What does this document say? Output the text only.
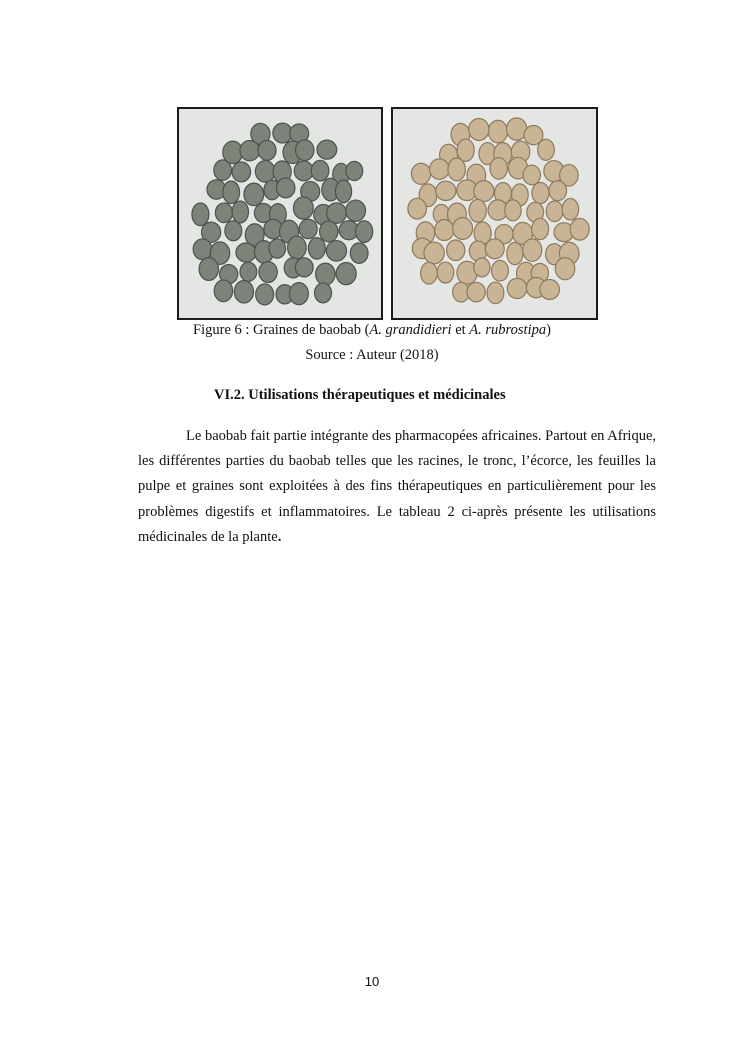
Figure 6 : Graines de baobab (A. grandidieri et A. rubrostipa)
Source : Auteur (2018)
VI.2. Utilisations thérapeutiques et médicinales

Le baobab fait partie intégrante des pharmacopées africaines. Partout en Afrique, les différentes parties du baobab telles que les racines, le tronc, l’écorce, les feuilles la pulpe et graines sont exploitées à des fins thérapeutiques en particulièrement pour les problèmes digestifs et inflammatoires. Le tableau 2 ci-après présente les utilisations médicinales de la plante.

10
